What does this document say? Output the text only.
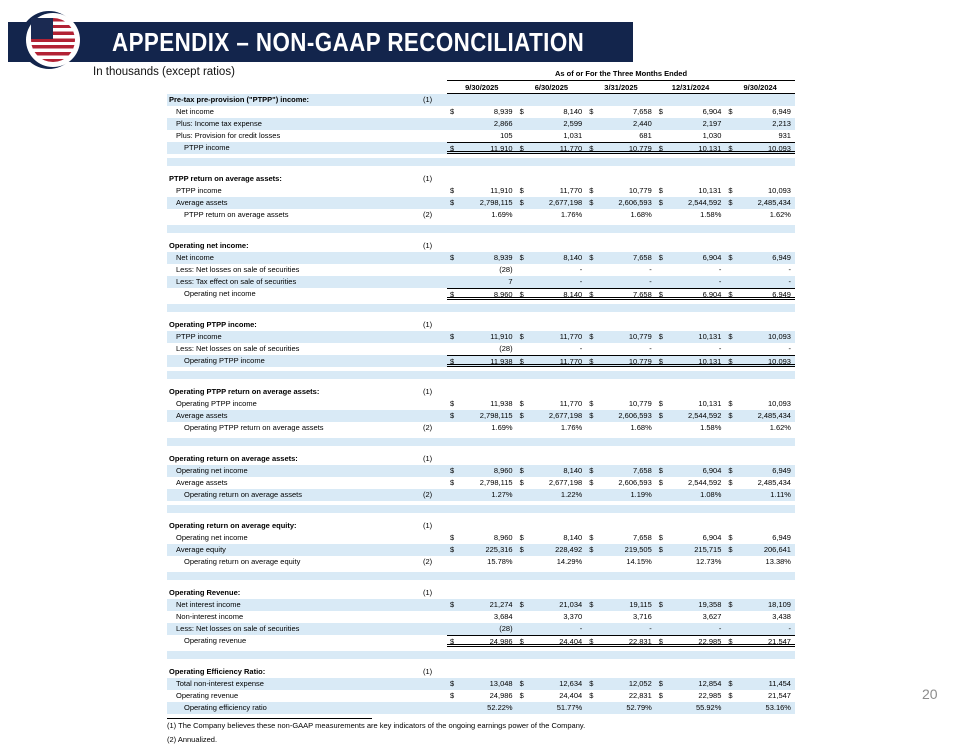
APPENDIX – NON-GAAP RECONCILIATION
In thousands (except ratios)	As of or For the Three Months Ended
9/30/2025	6/30/2025	3/31/2025	12/31/2024	9/30/2024
Pre-tax pre-provision ("PTPP") income:	(1)
Net income	$	8,939 $	8,140 $	7,658 $	6,904 $	6,949
Plus: Income tax expense	2,866	2,599	2,440	2,197	2,213
Plus: Provision for credit losses	105	1,031	681	1,030	931
PTPP income	$	11,910 $	11,770 $	10,779 $	10,131 $	10,093
PTPP return on average assets:	(1)
PTPP income	$	11,910 $	11,770 $	10,779 $	10,131 $	10,093
Average assets	$	2,798,115 $	2,677,198 $	2,606,593 $	2,544,592 $	2,485,434
PTPP return on average assets	(2)	1.69%	1.76%	1.68%	1.58%	1.62%
Operating net income:	(1)
Net income	$	8,939 $	8,140 $	7,658 $	6,904 $	6,949
Less: Net losses on sale of securities	(28)	-	-	-	-
Less: Tax effect on sale of securities	7	-	-	-	-
Operating net income	$	8,960 $	8,140 $	7,658 $	6,904 $	6,949
Operating PTPP income:	(1)
PTPP income	$	11,910 $	11,770 $	10,779 $	10,131 $	10,093
Less: Net losses on sale of securities	(28)	-	-	-	-
Operating PTPP income	$	11,938 $	11,770 $	10,779 $	10,131 $	10,093
Operating PTPP return on average assets:	(1)
Operating PTPP income	$	11,938 $	11,770 $	10,779 $	10,131 $	10,093
Average assets	$	2,798,115 $	2,677,198 $	2,606,593 $	2,544,592 $	2,485,434
Operating PTPP return on average assets	(2)	1.69%	1.76%	1.68%	1.58%	1.62%
Operating return on average assets:	(1)
Operating net income	$	8,960 $	8,140 $	7,658 $	6,904 $	6,949
Average assets	$	2,798,115 $	2,677,198 $	2,606,593 $	2,544,592 $	2,485,434
Operating return on average assets	(2)	1.27%	1.22%	1.19%	1.08%	1.11%
Operating return on average equity:	(1)
Operating net income	$	8,960 $	8,140 $	7,658 $	6,904 $	6,949
Average equity	$	225,316 $	228,492 $	219,505 $	215,715 $	206,641
Operating return on average equity	(2)	15.78%	14.29%	14.15%	12.73%	13.38%
Operating Revenue:	(1)
Net interest income	$	21,274 $	21,034 $	19,115 $	19,358 $	18,109
Non-interest income	3,684	3,370	3,716	3,627	3,438
Less: Net losses on sale of securities	(28)	-	-	-	-
Operating revenue	$	24,986 $	24,404 $	22,831 $	22,985 $	21,547
Operating Efficiency Ratio:	(1)
Total non-interest expense	$	13,048 $	12,634 $	12,052 $	12,854 $	11,454
Operating revenue	$	24,986 $	24,404 $	22,831 $	22,985 $	21,547
Operating efficiency ratio	52.22%	51.77%	52.79%	55.92%	53.16%
(1) The Company believes these non-GAAP measurements are key indicators of the ongoing earnings power of the Company.
(2) Annualized.
20
